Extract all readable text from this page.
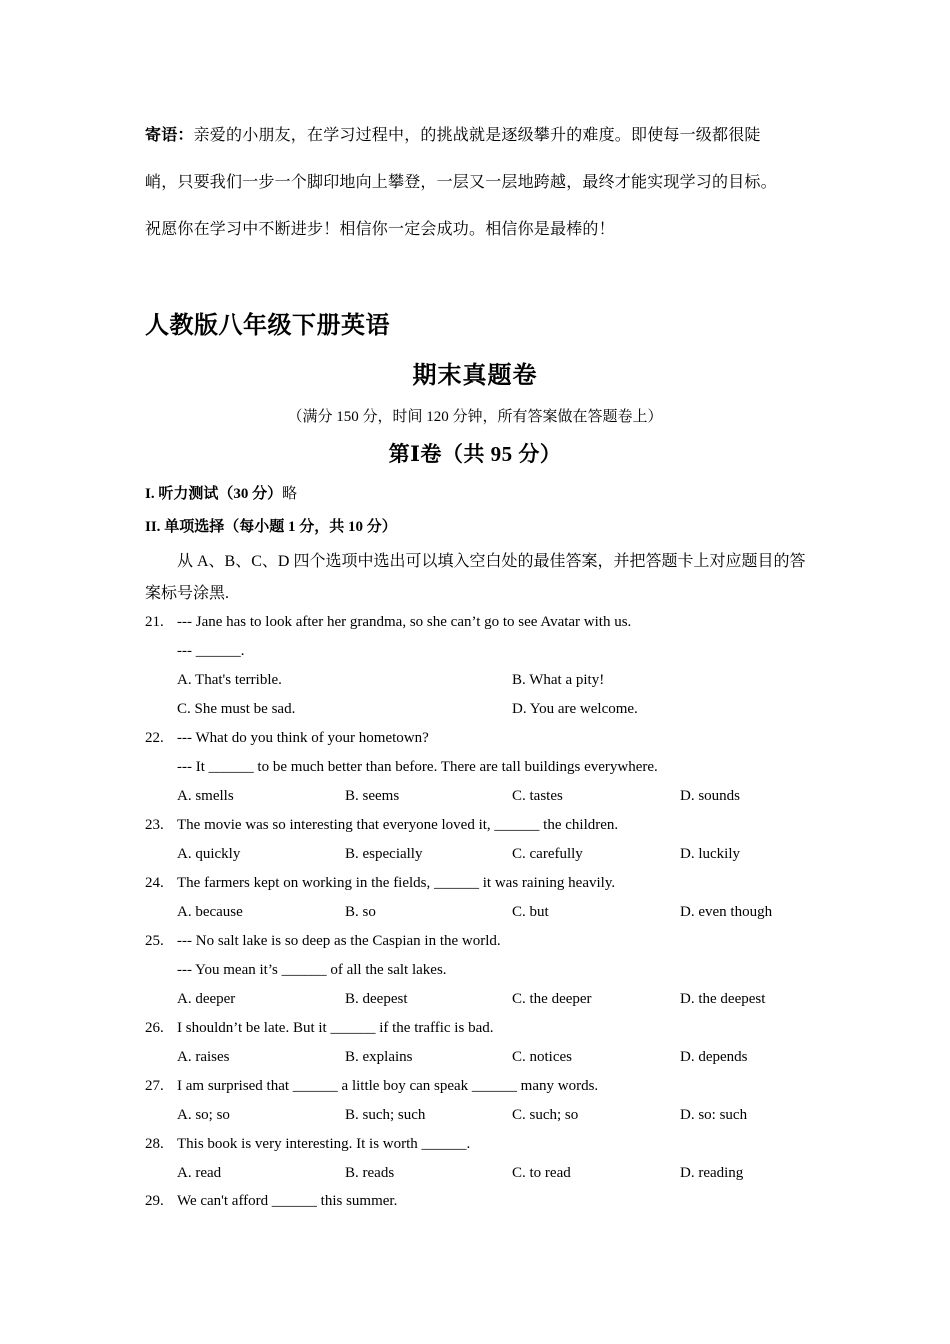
寄语：亲爱的小朋友，在学习过程中，的挑战就是逐级攀升的难度。即使每一级都很陡
峭，只要我们一步一个脚印地向上攀登，一层又一层地跨越，最终才能实现学习的目标。
祝愿你在学习中不断进步！相信你一定会成功。相信你是最棒的！
人教版八年级下册英语
期末真题卷
（满分 150 分，时间 120 分钟，所有答案做在答题卷上）
第Ⅰ卷（共 95 分）
I. 听力测试（30 分）略
II. 单项选择（每小题 1 分，共 10 分）
从 A、B、C、D 四个选项中选出可以填入空白处的最佳答案，并把答题卡上对应题目的答案标号涂黑.
21. --- Jane has to look after her grandma, so she can’t go to see Avatar with us.
--- ______.
A. That's terrible.	B. What a pity!
C. She must be sad.	D. You are welcome.
22. --- What do you think of your hometown?
--- It ______ to be much better than before. There are tall buildings everywhere.
A. smells	B. seems	C. tastes	D. sounds
23. The movie was so interesting that everyone loved it, ______ the children.
A. quickly	B. especially	C. carefully	D. luckily
24. The farmers kept on working in the fields, ______ it was raining heavily.
A. because	B. so	C. but	D. even though
25. --- No salt lake is so deep as the Caspian in the world.
--- You mean it’s ______ of all the salt lakes.
A. deeper	B. deepest	C. the deeper	D. the deepest
26. I shouldn’t be late. But it ______ if the traffic is bad.
A. raises	B. explains	C. notices	D. depends
27. I am surprised that ______ a little boy can speak ______ many words.
A. so; so	B. such; such	C. such; so	D. so: such
28. This book is very interesting. It is worth ______.
A. read	B. reads	C. to read	D. reading
29. We can't afford ______ this summer.
